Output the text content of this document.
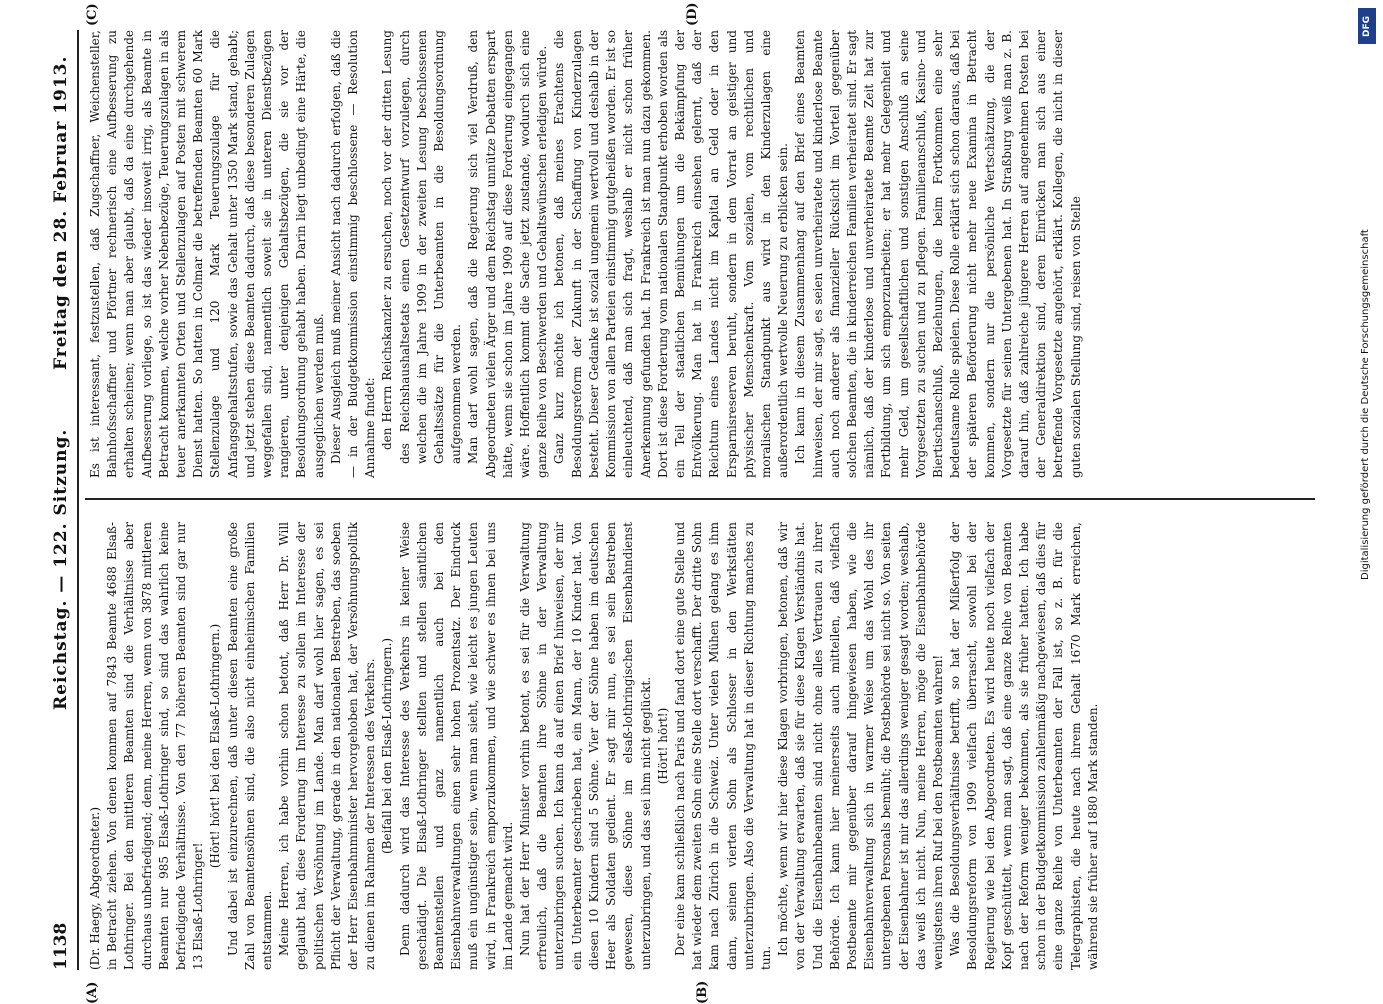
1138
Reichstag. — 122. Sitzung.
Freitag den 28. Februar 1913.
(A)	(B)
(C)	(D)

(Dr. Haegy, Abgeordneter.) in Betracht ziehen. Von denen kommen auf 7843 Beamte 4688 Elsaß-Lothringer. Bei den mittleren Beamten sind die Verhältnisse aber durchaus unbefriedigend; denn, meine Herren, wenn von 3878 mittleren Beamten nur 985 Elsaß-Lothringer sind, so sind das wahrlich keine befriedigende Verhältnisse. Von den 77 höheren Beamten sind gar nur 13 Elsaß-Lothringer!

(Hört! hört! bei den Elsaß-Lothringern.) Und dabei ist einzurechnen, daß unter diesen Beamten eine große Zahl von Beamtensöhnen sind, die also nicht einheimischen Familien entstammen. Meine Herren, ich habe vorhin schon betont, daß Herr Dr. Will geglaubt hat, diese Forderung im Interesse zu sollen im Interesse der politischen Versöhnung im Lande. Man darf wohl hier sagen, es sei Pflicht der Verwaltung, gerade in den nationalen Bestreben, das soeben der Herr Eisenbahnminister hervorgehoben hat, der Versöhnungspolitik zu dienen im Rahmen der Interessen des Verkehrs. (Beifall bei den Elsaß-Lothringern.) Denn dadurch wird das Interesse des Verkehrs in keiner Weise geschädigt. Die Elsaß-Lothringer stellten und stellen sämtlichen Beamtenstellen und ganz namentlich auch bei den Eisenbahnverwaltungen einen sehr hohen Prozentsatz. Der Eindruck muß ein ungünstiger sein, wenn man sieht, wie leicht es jungen Leuten wird, in Frankreich emporzukommen, und wie schwer es ihnen bei uns im Lande gemacht wird. Nun hat der Herr Minister vorhin betont, es sei für die Verwaltung erfreulich, daß die Beamten ihre Söhne in der Verwaltung unterzubringen suchen. Ich kann da auf einen Brief hinweisen, der mir ein Unterbeamter geschrieben hat, ein Mann, der 10 Kinder hat. Von diesen 10 Kindern sind 5 Söhne. Vier der Söhne haben im deutschen Heer als Soldaten gedient. Er sagt mir nun, es sei sein Bestreben gewesen, diese Söhne im elsaß-lothringischen Eisenbahndienst unterzubringen, und das sei ihm nicht geglückt. (Hört! hört!) Der eine kam schließlich nach Paris und fand dort eine gute Stelle und hat wieder dem zweiten Sohn eine Stelle dort verschafft. Der dritte Sohn kam nach Zürich in die Schweiz. Unter vielen Mühen gelang es ihm dann, seinen vierten Sohn als Schlosser in den Werkstätten unterzubringen. Also die Verwaltung hat in dieser Richtung manches zu tun.

Ich möchte, wenn wir hier diese Klagen vorbringen, betonen, daß wir von der Verwaltung erwarten, daß sie für diese Klagen Verständnis hat. Und die Eisenbahnbeamten sind nicht ohne alles Vertrauen zu ihrer Behörde. Ich kann hier meinerseits auch mitteilen, daß vielfach Postbeamte mir gegenüber darauf hingewiesen haben, wie die Eisenbahnverwaltung sich in warmer Weise um das Wohl des ihr untergebenen Personals bemüht; die Postbehörde sei nicht so. Von seiten der Eisenbahner ist mir das allerdings weniger gesagt worden; weshalb, das weiß ich nicht. Nun, meine Herren, möge die Eisenbahnbehörde wenigstens ihren Ruf bei den Postbeamten wahren! Was die Besoldungsverhältnisse betrifft, so hat der Mißerfolg der Besoldungsreform von 1909 vielfach überrascht, sowohl bei der Regierung wie bei den Abgeordneten. Es wird heute noch vielfach der Kopf geschüttelt, wenn man sagt, daß eine ganze Reihe von Beamten nach der Reform weniger bekommen, als sie früher hatten. Ich habe schon in der Budgetkommission zahlenmäßig nachgewiesen, daß dies für eine ganze Reihe von Unterbeamten der Fall ist, so z. B. für die Telegraphisten, die heute nach ihrem Gehalt 1670 Mark erreichen, während sie früher auf 1880 Mark standen.

Es ist interessant, festzustellen, daß Zugschaffner, Weichensteller, Bahnhofsschaffner und Pförtner rechnerisch eine Aufbesserung zu erhalten scheinen; wenn man aber glaubt, daß da eine durchgehende Aufbesserung vorliege, so ist das wieder insoweit irrig, als Beamte in Betracht kommen, welche vorher Nebenbezüge, Teuerungszulagen in als teuer anerkannten Orten und Stellenzulagen auf Posten mit schwerem Dienst hatten. So hatten in Colmar die betreffenden Beamten 60 Mark Stellenzulage und 120 Mark Teuerungszulage für die Anfangsgehaltsstufen, sowie das Gehalt unter 1350 Mark stand, gehabt; und jetzt stehen diese Beamten dadurch, daß diese besonderen Zulagen weggefallen sind, namentlich soweit sie in unteren Dienstbezügen rangieren, unter denjenigen Gehaltsbezügen, die sie vor der Besoldungsordnung gehabt haben. Darin liegt unbedingt eine Härte, die ausgeglichen werden muß. Dieser Ausgleich muß meiner Ansicht nach dadurch erfolgen, daß die — in der Budgetkommission einstimmig beschlossene — Resolution Annahme findet: den Herrn Reichskanzler zu ersuchen, noch vor der dritten Lesung des Reichshaushaltsetats einen Gesetzentwurf vorzulegen, durch welchen die im Jahre 1909 in der zweiten Lesung beschlossenen Gehaltssätze für die Unterbeamten in die Besoldungsordnung aufgenommen werden. Man darf wohl sagen, daß die Regierung sich viel Verdruß, den Abgeordneten vielen Ärger und dem Reichstag unnütze Debatten erspart hätte, wenn sie schon im Jahre 1909 auf diese Forderung eingegangen wäre. Hoffentlich kommt die Sache jetzt zustande, wodurch sich eine ganze Reihe von Beschwerden und Gehaltswünschen erledigen würde. Ganz kurz möchte ich betonen, daß meines Erachtens die Besoldungsreform der Zukunft in der Schaffung von Kinderzulagen besteht. Dieser Gedanke ist sozial ungemein wertvoll und deshalb in der Kommission von allen Parteien einstimmig gutgeheißen worden. Er ist so einleuchtend, daß man sich fragt, weshalb er nicht schon früher Anerkennung gefunden hat. In Frankreich ist man nun dazu gekommen. Dort ist diese Forderung vom nationalen Standpunkt erhoben worden als ein Teil der staatlichen Bemühungen um die Bekämpfung der Entvölkerung. Man hat in Frankreich einsehen gelernt, daß der Reichtum eines Landes nicht im Kapital an Geld oder in den Ersparnisreserven beruht, sondern in dem Vorrat an geistiger und physischer Menschenkraft. Vom sozialen, vom rechtlichen und moralischen Standpunkt aus wird in den Kinderzulagen eine außerordentlich wertvolle Neuerung zu erblicken sein. Ich kann in diesem Zusammenhang auf den Brief eines Beamten hinweisen, der mir sagt, es seien unverheiratete und kinderlose Beamte auch noch anderer als finanzieller Rücksicht im Vorteil gegenüber solchen Beamten, die in kinderreichen Familien verheiratet sind. Er sagt nämlich, daß der kinderlose und unverheiratete Beamte Zeit hat zur Fortbildung, um sich emporzuarbeiten; er hat mehr Gelegenheit und mehr Geld, um gesellschaftlichen und sonstigen Anschluß an seine Vorgesetzten zu suchen und zu pflegen. Familienanschluß, Kasino- und Biertischanschluß, Beziehungen, die beim Fortkommen eine sehr bedeutsame Rolle spielen. Diese Rolle erklärt sich schon daraus, daß bei der späteren Beförderung nicht mehr neue Examina in Betracht kommen, sondern nur die persönliche Wertschätzung, die der Vorgesetzte für seinen Untergebenen hat. In Straßburg weiß man z. B. darauf hin, daß zahlreiche jüngere Herren auf angenehmen Posten bei der Generaldirektion sind, deren Einrücken man sich aus einer betreffende Vorgesetzte angehört, erklärt. Kollegen, die nicht in dieser guten sozialen Stellung sind, reisen von Stelle	Digitalisierung gefördert durch die Deutsche Forschungsgemeinschaft
DFG
